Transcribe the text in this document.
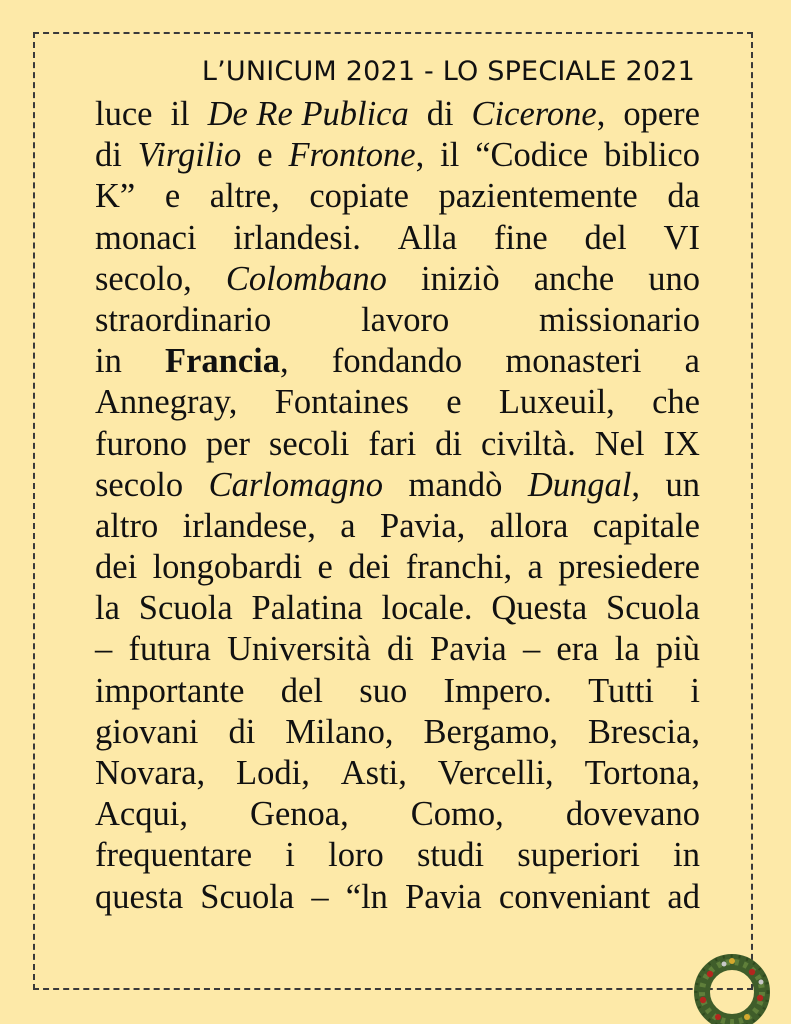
L’UNICUM 2021 - LO SPECIALE 2021
luce il De Re Publica di Cicerone, opere
di Virgilio e Frontone, il “Codice biblico
K” e altre, copiate pazientemente da
monaci irlandesi. Alla fine del VI
secolo, Colombano iniziò anche uno
straordinario	lavoro	missionario
in Francia, fondando monasteri a
Annegray, Fontaines e Luxeuil, che
furono per secoli fari di civiltà. Nel IX
secolo Carlomagno mandò Dungal, un
altro irlandese, a Pavia, allora capitale
dei longobardi e dei franchi, a presiedere
la Scuola Palatina locale. Questa Scuola
– futura Università di Pavia – era la più
importante del suo Impero. Tutti i
giovani di Milano, Bergamo, Brescia,
Novara, Lodi, Asti, Vercelli, Tortona,
Acqui, Genoa, Como, dovevano
frequentare i loro studi superiori in
questa Scuola – “ln Pavia conveniant ad
